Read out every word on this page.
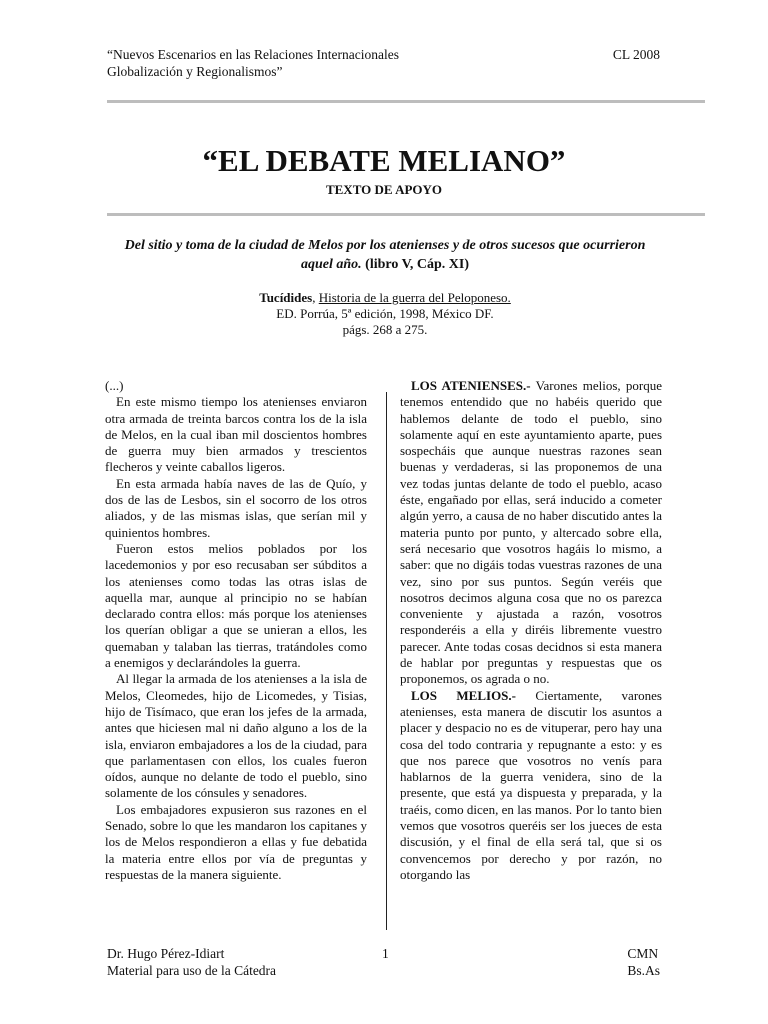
“Nuevos Escenarios en las Relaciones Internacionales
Globalización y Regionalismos”
CL 2008
“EL DEBATE MELIANO”
TEXTO DE APOYO
Del sitio y toma de la ciudad de Melos por los atenienses y de otros sucesos que ocurrieron aquel año. (libro V, Cáp. XI)
Tucídides, Historia de la guerra del Peloponeso.
ED. Porrúa, 5ª edición, 1998, México DF.
págs. 268 a 275.

(...)

En este mismo tiempo los atenienses enviaron otra armada de treinta barcos contra los de la isla de Melos, en la cual iban mil doscientos hombres de guerra muy bien armados y trescientos flecheros y veinte caballos ligeros.

En esta armada había naves de las de Quío, y dos de las de Lesbos, sin el socorro de los otros aliados, y de las mismas islas, que serían mil y quinientos hombres.

Fueron estos melios poblados por los lacedemonios y por eso recusaban ser súbditos a los atenienses como todas las otras islas de aquella mar, aunque al principio no se habían declarado contra ellos: más porque los atenienses los querían obligar a que se unieran a ellos, les quemaban y talaban las tierras, tratándoles como a enemigos y declarándoles la guerra.

Al llegar la armada de los atenienses a la isla de Melos, Cleomedes, hijo de Licomedes, y Tisias, hijo de Tisímaco, que eran los jefes de la armada, antes que hiciesen mal ni daño alguno a los de la isla, enviaron embajadores a los de la ciudad, para que parlamentasen con ellos, los cuales fueron oídos, aunque no delante de todo el pueblo, sino solamente de los cónsules y senadores.

Los embajadores expusieron sus razones en el Senado, sobre lo que les mandaron los capitanes y los de Melos respondieron a ellas y fue debatida la materia entre ellos por vía de preguntas y respuestas de la manera siguiente.

LOS ATENIENSES.- Varones melios, porque tenemos entendido que no habéis querido que hablemos delante de todo el pueblo, sino solamente aquí en este ayuntamiento aparte, pues sospecháis que aunque nuestras razones sean buenas y verdaderas, si las proponemos de una vez todas juntas delante de todo el pueblo, acaso éste, engañado por ellas, será inducido a cometer algún yerro, a causa de no haber discutido antes la materia punto por punto, y altercado sobre ella, será necesario que vosotros hagáis lo mismo, a saber: que no digáis todas vuestras razones de una vez, sino por sus puntos. Según veréis que nosotros decimos alguna cosa que no os parezca conveniente y ajustada a razón, vosotros responderéis a ella y diréis libremente vuestro parecer. Ante todas cosas decidnos si esta manera de hablar por preguntas y respuestas que os proponemos, os agrada o no.

LOS MELIOS.- Ciertamente, varones atenienses, esta manera de discutir los asuntos a placer y despacio no es de vituperar, pero hay una cosa del todo contraria y repugnante a esto: y es que nos parece que vosotros no venís para hablarnos de la guerra venidera, sino de la presente, que está ya dispuesta y preparada, y la traéis, como dicen, en las manos. Por lo tanto bien vemos que vosotros queréis ser los jueces de esta discusión, y el final de ella será tal, que si os convencemos por derecho y por razón, no otorgando las

Dr. Hugo Pérez-Idiart
Material para uso de la Cátedra
1	CMN
Bs.As
